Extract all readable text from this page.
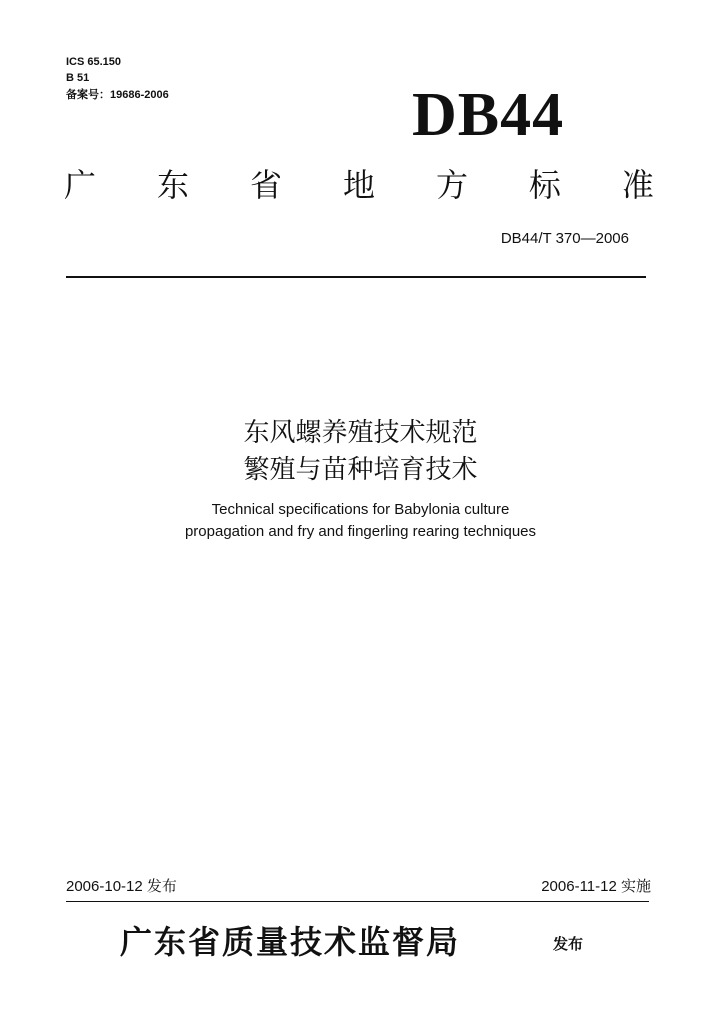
ICS 65.150
B 51
备案号：19686-2006	DB44
广 东 省 地 方 标 准
DB44/T 370—2006
东风螺养殖技术规范
繁殖与苗种培育技术
Technical specifications for Babylonia culture
propagation and fry and fingerling rearing techniques
2006-10-12 发布	2006-11-12 实施
广东省质量技术监督局	发布
